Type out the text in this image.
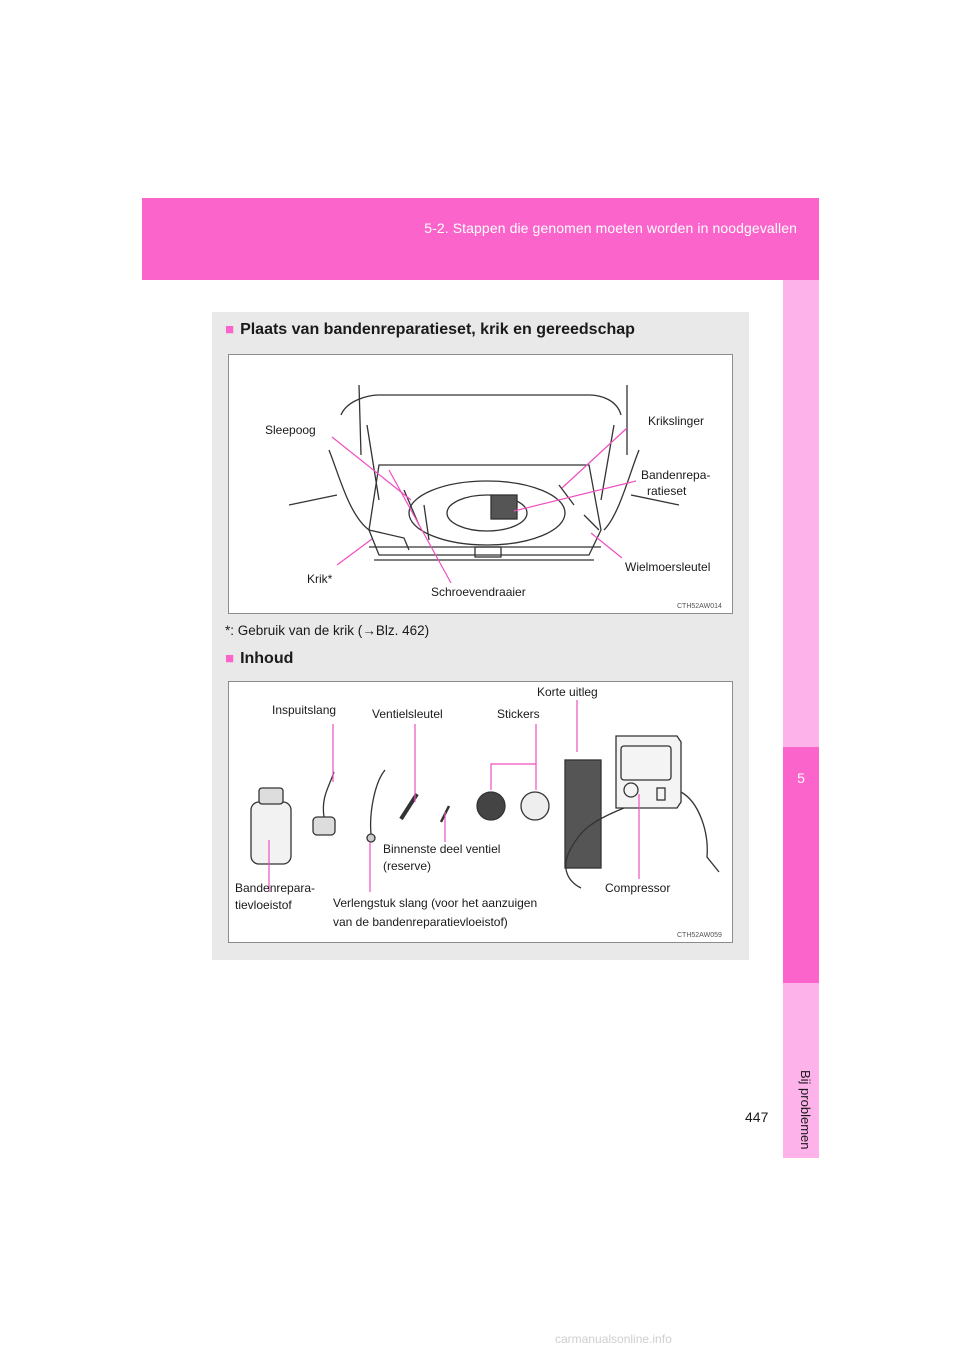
5-2. Stappen die genomen moeten worden in noodgevallen
5
Bij problemen
■ Plaats van bandenreparatieset, krik en gereedschap
Sleepoog
Krikslinger
Bandenrepa-
ratieset
Wielmoersleutel
Krik*
Schroevendraaier
CTH52AW014
*: Gebruik van de krik (→Blz. 462)
■ Inhoud
Korte uitleg
Inspuitslang	Ventielsleutel	Stickers
Binnenste deel ventiel
(reserve)
Bandenrepara-
tievloeistof	Verlengstuk slang (voor het aanzuigen
van de bandenreparatievloeistof)
Compressor
CTH52AW059
447
carmanualsonline.info
